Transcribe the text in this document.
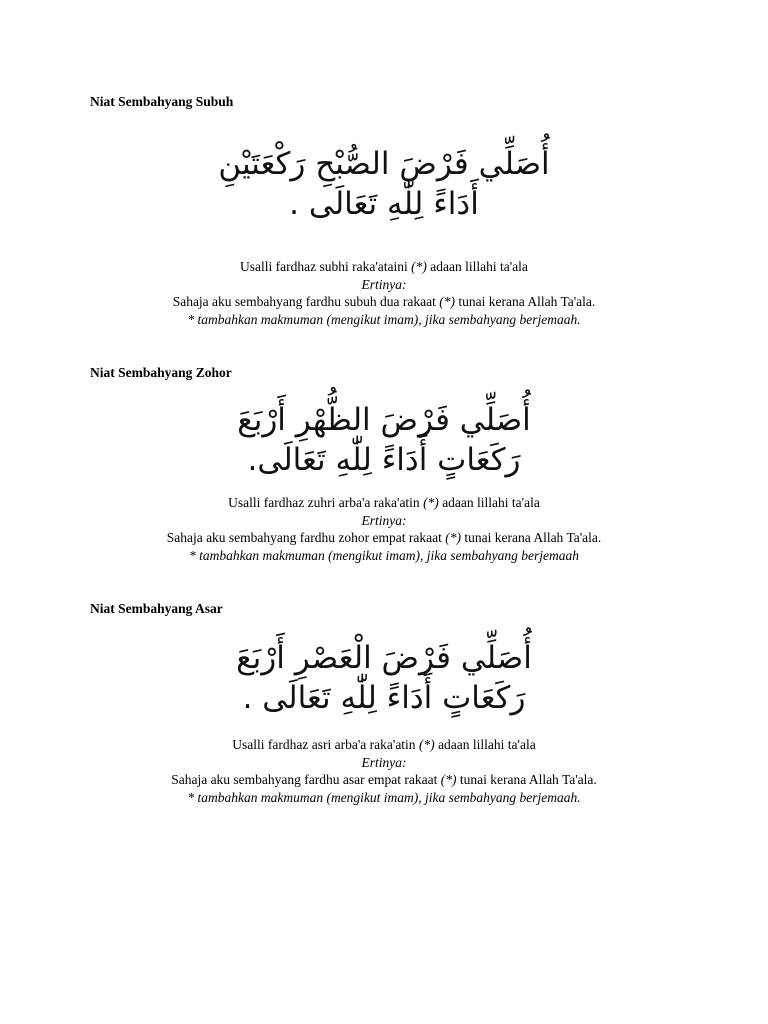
Niat Sembahyang Subuh
أُصَلِّي فَرْضَ الصُّبْحِ رَكْعَتَيْنِ
أَدَاءً لِلّٰهِ تَعَالَى .
Usalli fardhaz subhi raka'ataini (*) adaan lillahi ta'ala
Ertinya:
Sahaja aku sembahyang fardhu subuh dua rakaat (*) tunai kerana Allah Ta'ala.
* tambahkan makmuman (mengikut imam), jika sembahyang berjemaah.
Niat Sembahyang Zohor
أُصَلِّي فَرْضَ الظُّهْرِ أَرْبَعَ
رَكَعَاتٍ أَدَاءً لِلّٰهِ تَعَالَى.
Usalli fardhaz zuhri arba'a raka'atin (*) adaan lillahi ta'ala
Ertinya:
Sahaja aku sembahyang fardhu zohor empat rakaat (*) tunai kerana Allah Ta'ala.
* tambahkan makmuman (mengikut imam), jika sembahyang berjemaah
Niat Sembahyang Asar
أُصَلِّي فَرْضَ الْعَصْرِ أَرْبَعَ
رَكَعَاتٍ أَدَاءً لِلّٰهِ تَعَالَى .
Usalli fardhaz asri arba'a raka'atin (*) adaan lillahi ta'ala
Ertinya:
Sahaja aku sembahyang fardhu asar empat rakaat (*) tunai kerana Allah Ta'ala.
* tambahkan makmuman (mengikut imam), jika sembahyang berjemaah.
